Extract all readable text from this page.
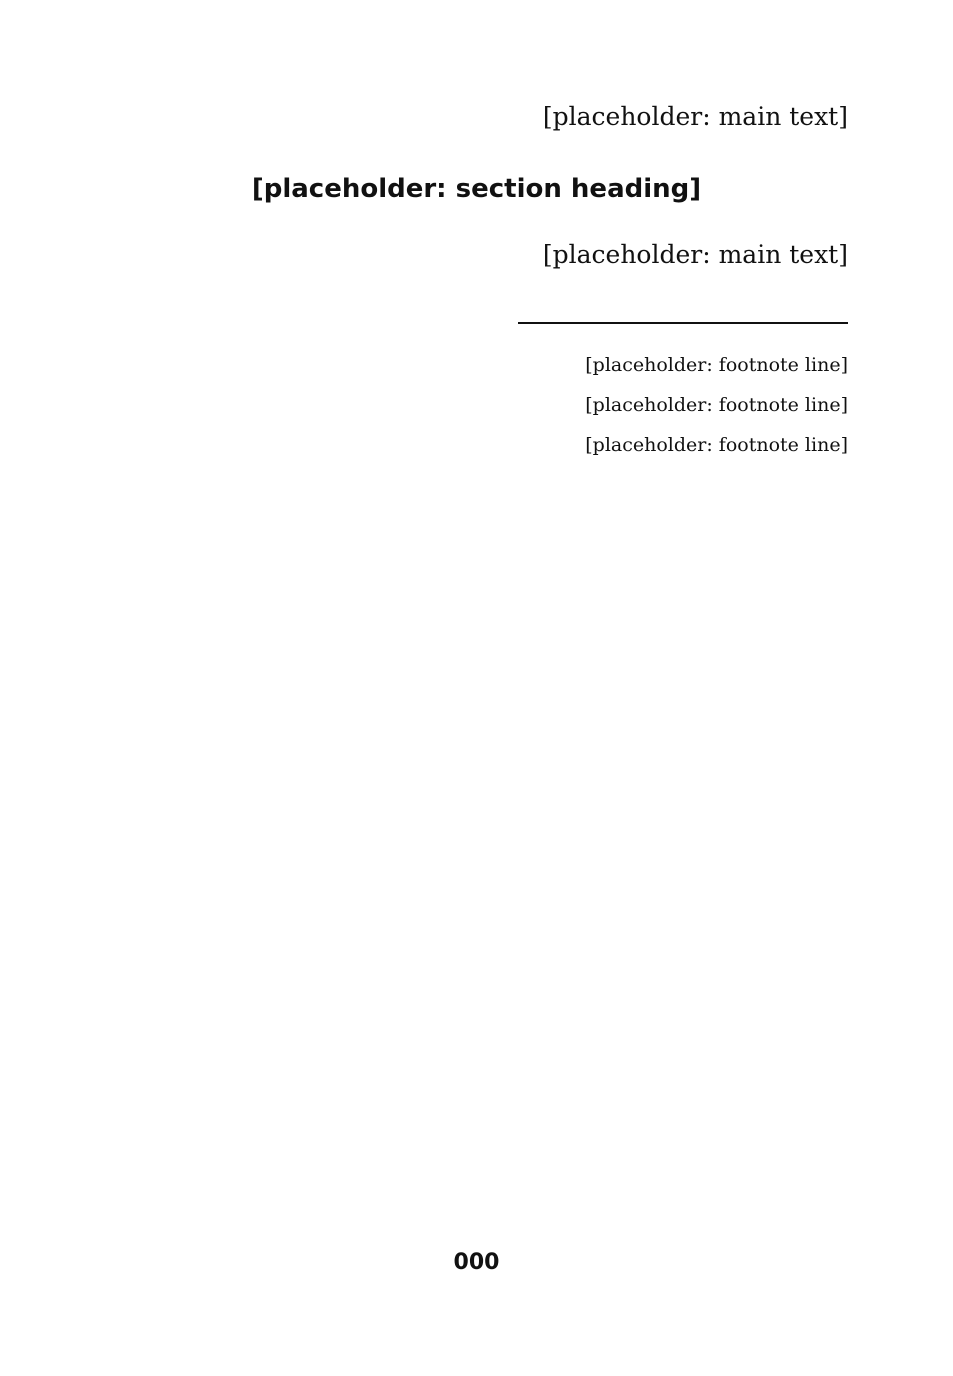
[placeholder: main text]

[placeholder: section heading]

[placeholder: main text]

[placeholder: footnote line]

[placeholder: footnote line]

[placeholder: footnote line]

000
